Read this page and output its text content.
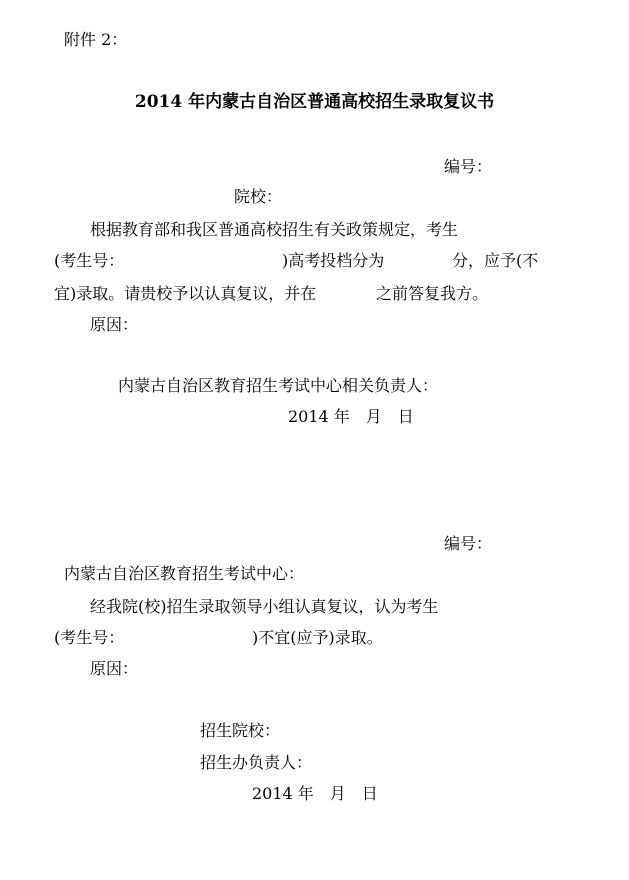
附件 2：
2014 年内蒙古自治区普通高校招生录取复议书
编号：
院校：
根据教育部和我区普通高校招生有关政策规定，考生
(考生号：	)高考投档分为	分，应予(不
宜)录取。请贵校予以认真复议，并在	之前答复我方。
原因：
内蒙古自治区教育招生考试中心相关负责人：
2014 年　月　日
编号：
内蒙古自治区教育招生考试中心：
经我院(校)招生录取领导小组认真复议，认为考生
(考生号：	)不宜(应予)录取。
原因：
招生院校：
招生办负责人：
2014 年　月　日
